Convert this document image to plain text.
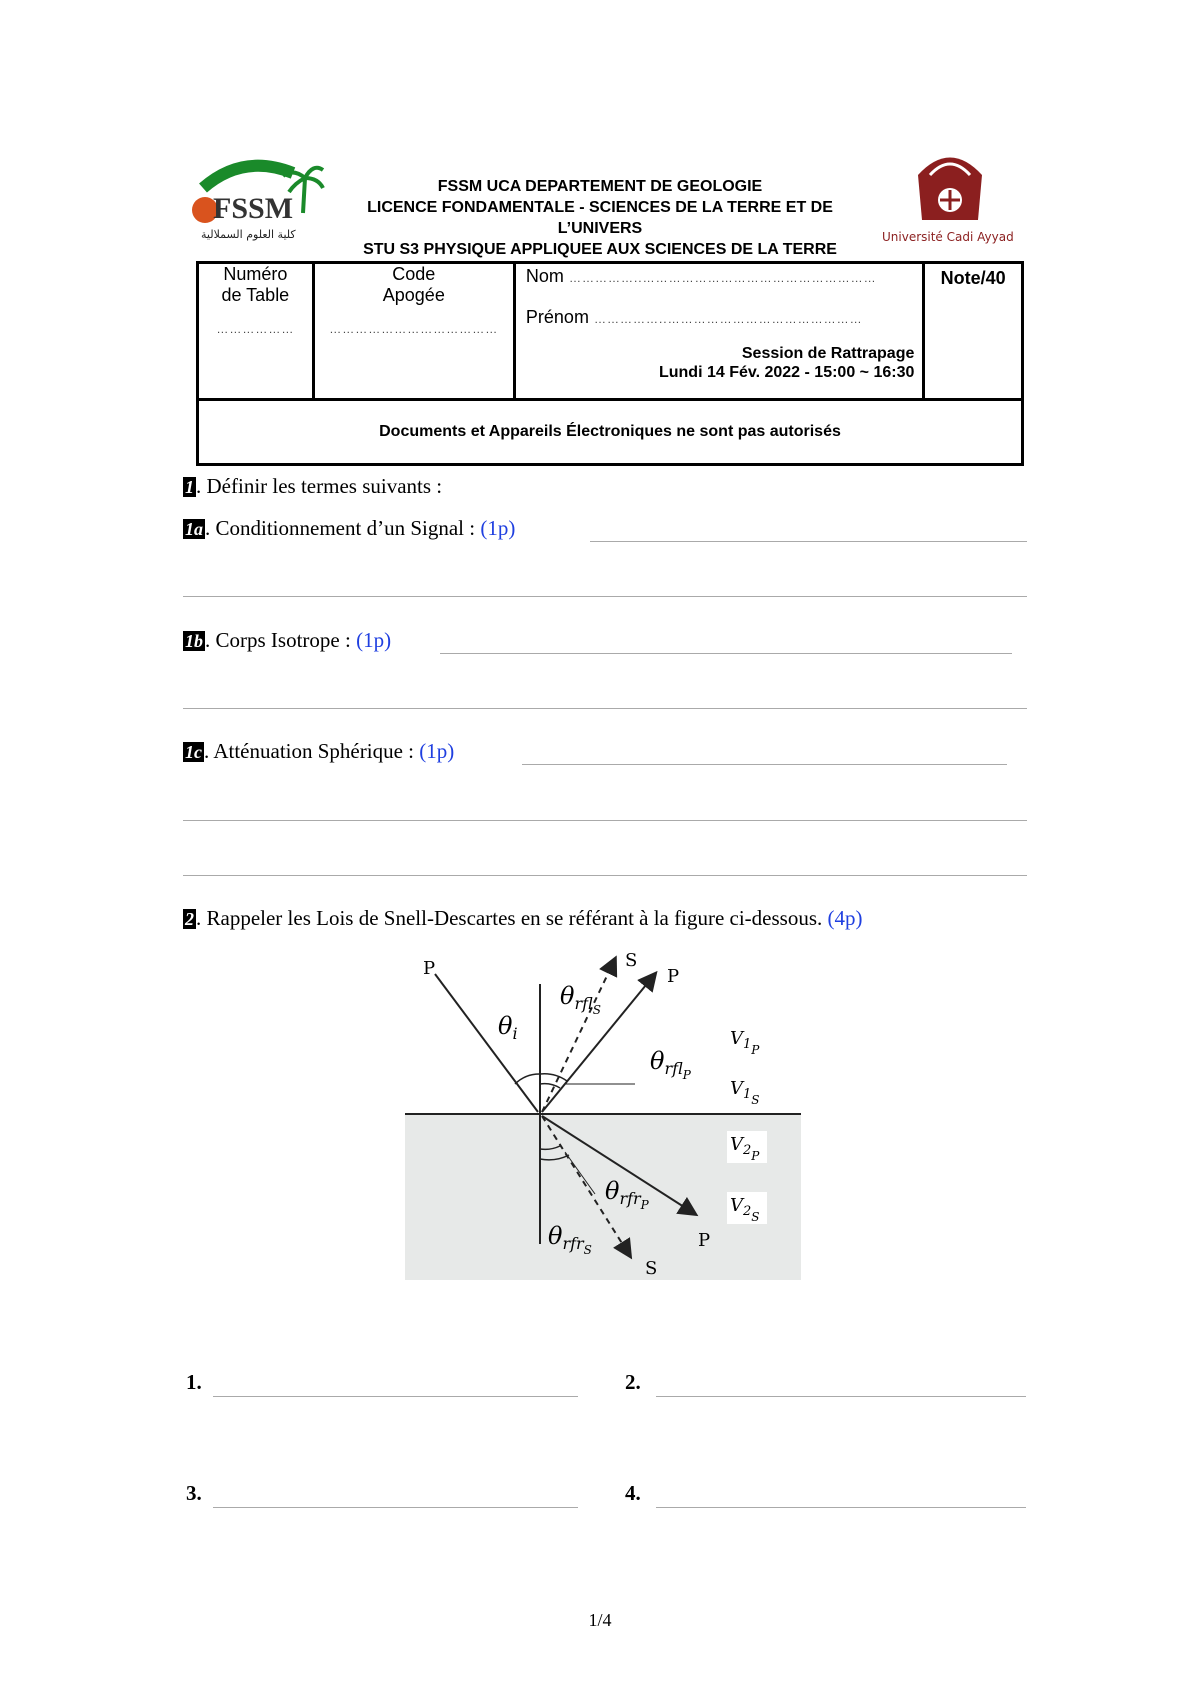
FSSM
كلية العلوم السملالية
FSSM UCA DEPARTEMENT DE GEOLOGIE
LICENCE FONDAMENTALE - SCIENCES DE LA TERRE ET DE L’UNIVERS
STU S3 PHYSIQUE APPLIQUEE AUX SCIENCES DE LA TERRE
Université Cadi Ayyad
Numéro
de Table
………………

Code
Apogée
…………………………………

Nom ……………..………………………………………………
Prénom ……………..………………………………………
Session de Rattrapage
Lundi 14 Fév. 2022 - 15:00 ~ 16:30
	Note/40
Documents et Appareils Électroniques ne sont pas autorisés
1. Définir les termes suivants :
1a. Conditionnement d’un Signal : (1p)
1b. Corps Isotrope : (1p)
1c. Atténuation Sphérique : (1p)
2. Rappeler les Lois de Snell-Descartes en se référant à la figure ci-dessous. (4p)
P	S
P
$\theta_i$
$\theta_{rflS}$
$\theta_{rflP}$
$V_{1P}$
$V_{1S}$
$V_{2P}$
$V_{2S}$
$\theta_{rfrP}$
$\theta_{rfrS}$	P
S
1.	2.
3.	4.
1/4
